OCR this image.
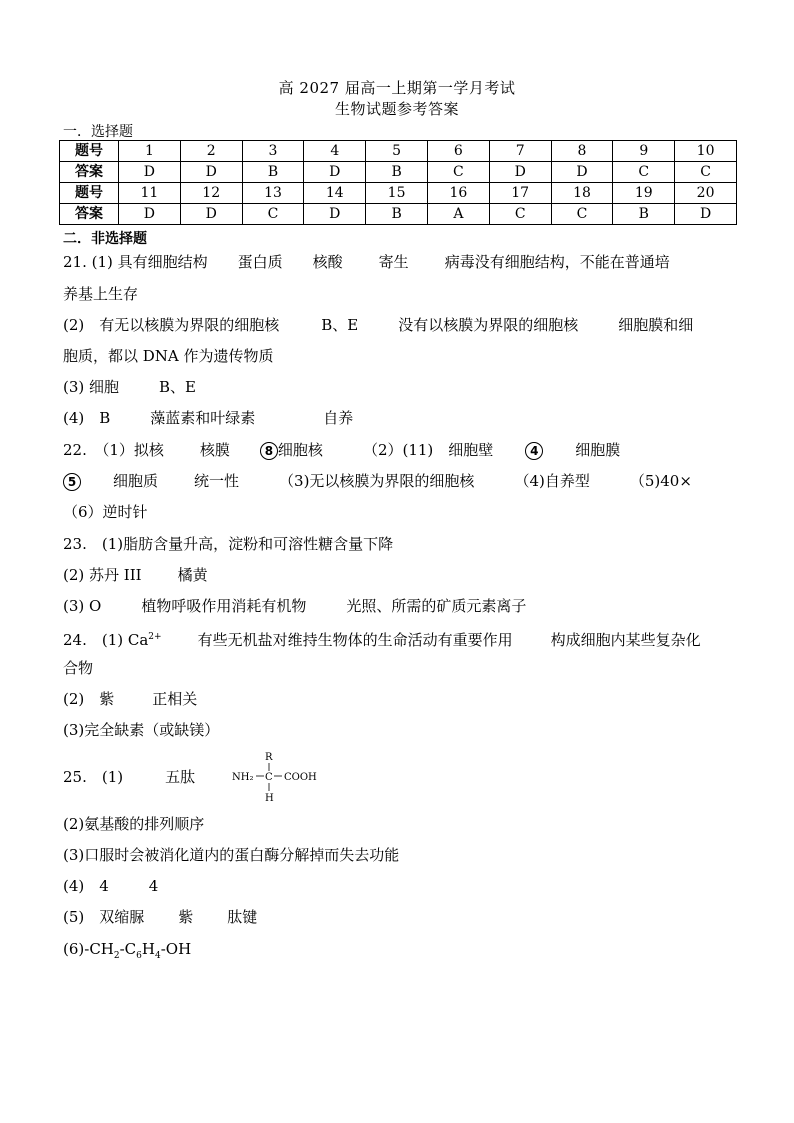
高 2027 届高一上期第一学月考试
生物试题参考答案
一．选择题
题号	1	2	3	4	5	6	7	8	9	10
答案	D	D	B	D	B	C	D	D	C	C
题号	11	12	13	14	15	16	17	18	19	20
答案	D	D	C	D	B	A	C	C	B	D
二．非选择题
21. (1) 具有细胞结构 蛋白质 核酸 寄生 病毒没有细胞结构，不能在普通培
养基上生存
(2)　有无以核膜为界限的细胞核	B、E	没有以核膜为界限的细胞核	细胞膜和细
胞质，都以 DNA 作为遗传物质
(3) 细胞	B、E
(4)　B	藻蓝素和叶绿素	自养
22.　（1）拟核 核膜	8 细胞核	（2）(11)　细胞壁	4 细胞膜
5 细胞质 统一性	（3)无以核膜为界限的细胞核	（4)自养型	（5)40×
（6）逆时针
23.　(1)脂肪含量升高，淀粉和可溶性糖含量下降
(2) 苏丹 III 橘黄
(3) O	植物呼吸作用消耗有机物	光照、所需的矿质元素离子
24.　(1) $Ca^{2+}$ 有些无机盐对维持生物体的生命活动有重要作用	构成细胞内某些复杂化
合物
(2)　紫	正相关
(3)完全缺素（或缺镁）
25.　(1)	五肽
R
NH₂ C COOH
H
(2)氨基酸的排列顺序
(3)口服时会被消化道内的蛋白酶分解掉而失去功能
(4)　4	4
(5)　双缩脲 紫 肽键
$(6)-CH_2-C_6H_4-OH$
